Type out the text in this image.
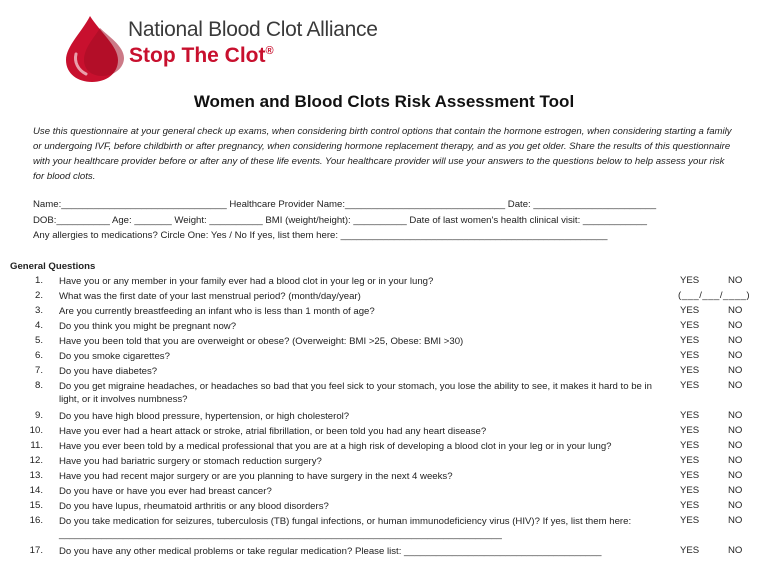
National Blood Clot Alliance
Stop The Clot®
Women and Blood Clots Risk Assessment Tool
Use this questionnaire at your general check up exams, when considering birth control options that contain the hormone estrogen, when considering starting a family or undergoing IVF, before childbirth or after pregnancy, when considering hormone replacement therapy, and as you get older. Share the results of this questionnaire with your healthcare provider before or after any of these life events. Your healthcare provider will use your answers to the questions below to help assess your risk for blood clots.
Name:_______________________________ Healthcare Provider Name:______________________________ Date: _______________________
DOB:__________ Age: _______ Weight: __________ BMI (weight/height): __________ Date of last women's health clinical visit: ____________
Any allergies to medications? Circle One: Yes / No If yes, list them here: __________________________________________________
General Questions
1. Have you or any member in your family ever had a blood clot in your leg or in your lung?	YES	NO
2. What was the first date of your last menstrual period? (month/day/year)	(___/___/____)
3. Are you currently breastfeeding an infant who is less than 1 month of age?	YES	NO
4. Do you think you might be pregnant now?	YES	NO
5. Have you been told that you are overweight or obese? (Overweight: BMI >25, Obese: BMI >30)	YES	NO
6. Do you smoke cigarettes?	YES	NO
7. Do you have diabetes?	YES	NO
8. Do you get migraine headaches, or headaches so bad that you feel sick to your stomach, you lose the ability to see, it makes it hard to be in light, or it involves numbness?
YES	NO
9. Do you have high blood pressure, hypertension, or high cholesterol?	YES	NO
10. Have you ever had a heart attack or stroke, atrial fibrillation, or been told you had any heart disease?	YES	NO
11. Have you ever been told by a medical professional that you are at a high risk of developing a blood clot in your leg or in your lung?	YES	NO
12. Have you had bariatric surgery or stomach reduction surgery?	YES	NO
13. Have you had recent major surgery or are you planning to have surgery in the next 4 weeks?	YES	NO
14. Do you have or have you ever had breast cancer?	YES	NO
15. Do you have lupus, rheumatoid arthritis or any blood disorders?	YES	NO
16. Do you take medication for seizures, tuberculosis (TB) fungal infections, or human immunodeficiency virus (HIV)? If yes, list them here: ___________________________________________________________________________________
YES	NO
17. Do you have any other medical problems or take regular medication? Please list: _____________________________________	YES	NO
